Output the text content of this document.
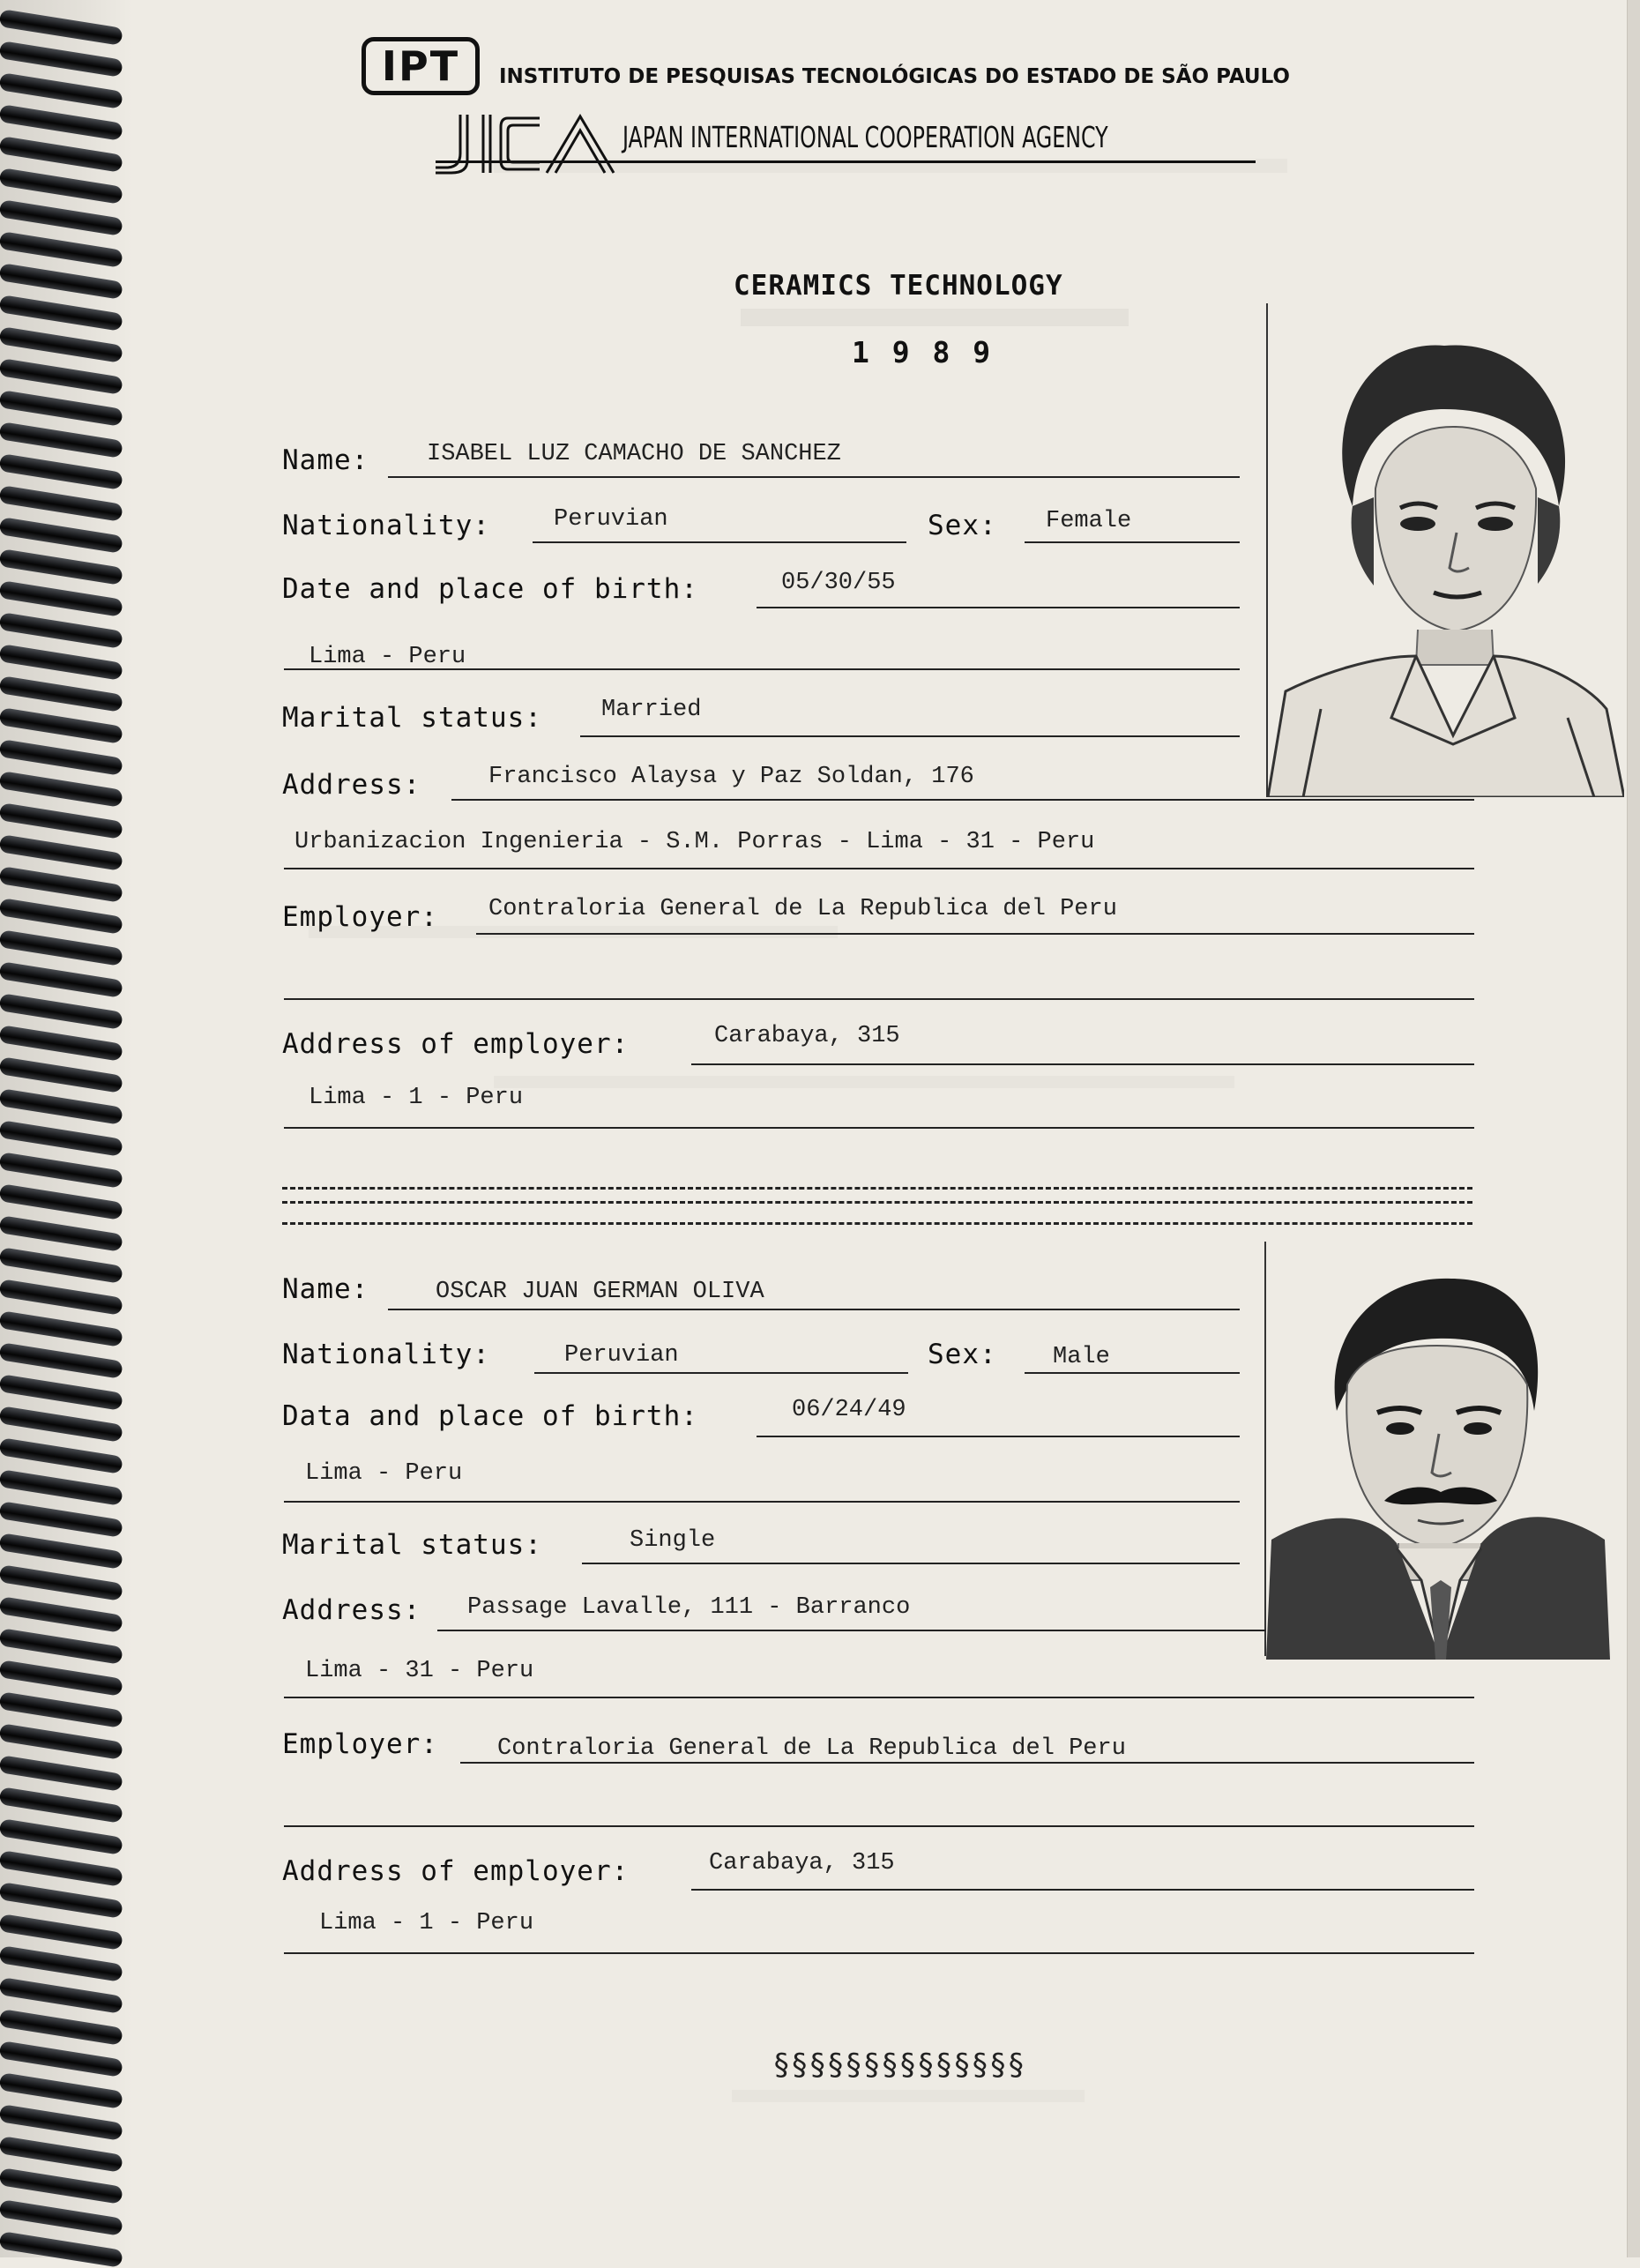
IPT	INSTITUTO DE PESQUISAS TECNOLÓGICAS DO ESTADO DE SÃO PAULO
JAPAN INTERNATIONAL COOPERATION AGENCY
CERAMICS TECHNOLOGY
1 9 8 9
Name: ISABEL LUZ CAMACHO DE SANCHEZ
Nationality:	Peruvian	Sex: Female
Date and place of birth:	05/30/55
Lima - Peru
Marital status: Married
Address:	Francisco Alaysa y Paz Soldan, 176
Urbanizacion Ingenieria - S.M. Porras - Lima - 31 - Peru
Employer: Contraloria General de La Republica del Peru
Address of employer:	Carabaya, 315
Lima - 1 - Peru
Name:	OSCAR JUAN GERMAN OLIVA
Nationality:	Peruvian	Sex: Male
Data and place of birth:	06/24/49
Lima - Peru
Marital status:	Single
Address: Passage Lavalle, 111 - Barranco
Lima - 31 - Peru
Employer: Contraloria General de La Republica del Peru
Address of employer:	Carabaya, 315
Lima - 1 - Peru
§§§§§§§§§§§§§§
